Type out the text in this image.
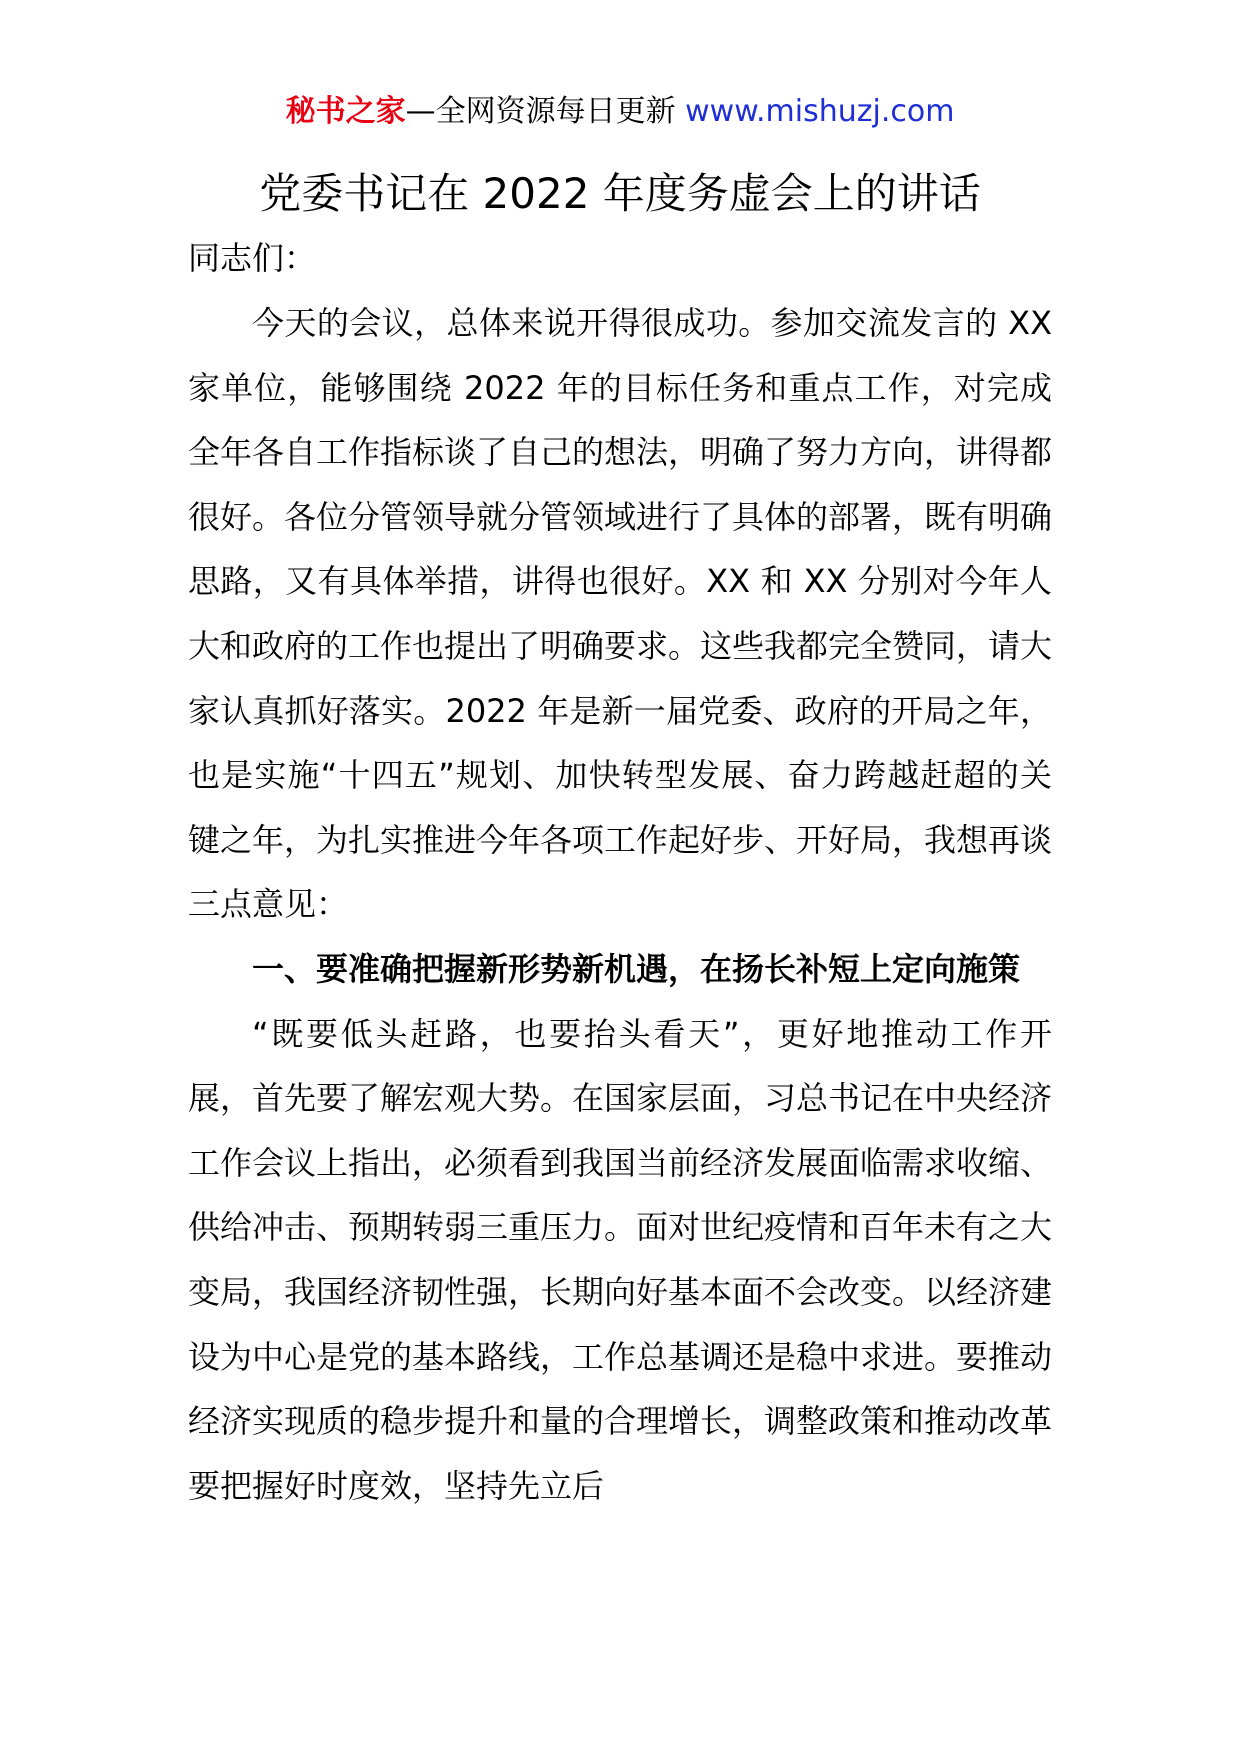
秘书之家—全网资源每日更新 www.mishuzj.com
党委书记在 2022 年度务虚会上的讲话

同志们：

今天的会议，总体来说开得很成功。参加交流发言的 XX 家单位，能够围绕 2022 年的目标任务和重点工作，对完成全年各自工作指标谈了自己的想法，明确了努力方向，讲得都很好。各位分管领导就分管领域进行了具体的部署，既有明确思路，又有具体举措，讲得也很好。XX 和 XX 分别对今年人大和政府的工作也提出了明确要求。这些我都完全赞同，请大家认真抓好落实。2022 年是新一届党委、政府的开局之年，也是实施“十四五”规划、加快转型发展、奋力跨越赶超的关键之年，为扎实推进今年各项工作起好步、开好局，我想再谈三点意见：

一、要准确把握新形势新机遇，在扬长补短上定向施策

“既要低头赶路，也要抬头看天”，更好地推动工作开展，首先要了解宏观大势。在国家层面，习总书记在中央经济工作会议上指出，必须看到我国当前经济发展面临需求收缩、供给冲击、预期转弱三重压力。面对世纪疫情和百年未有之大变局，我国经济韧性强，长期向好基本面不会改变。以经济建设为中心是党的基本路线，工作总基调还是稳中求进。要推动经济实现质的稳步提升和量的合理增长，调整政策和推动改革要把握好时度效，坚持先立后
